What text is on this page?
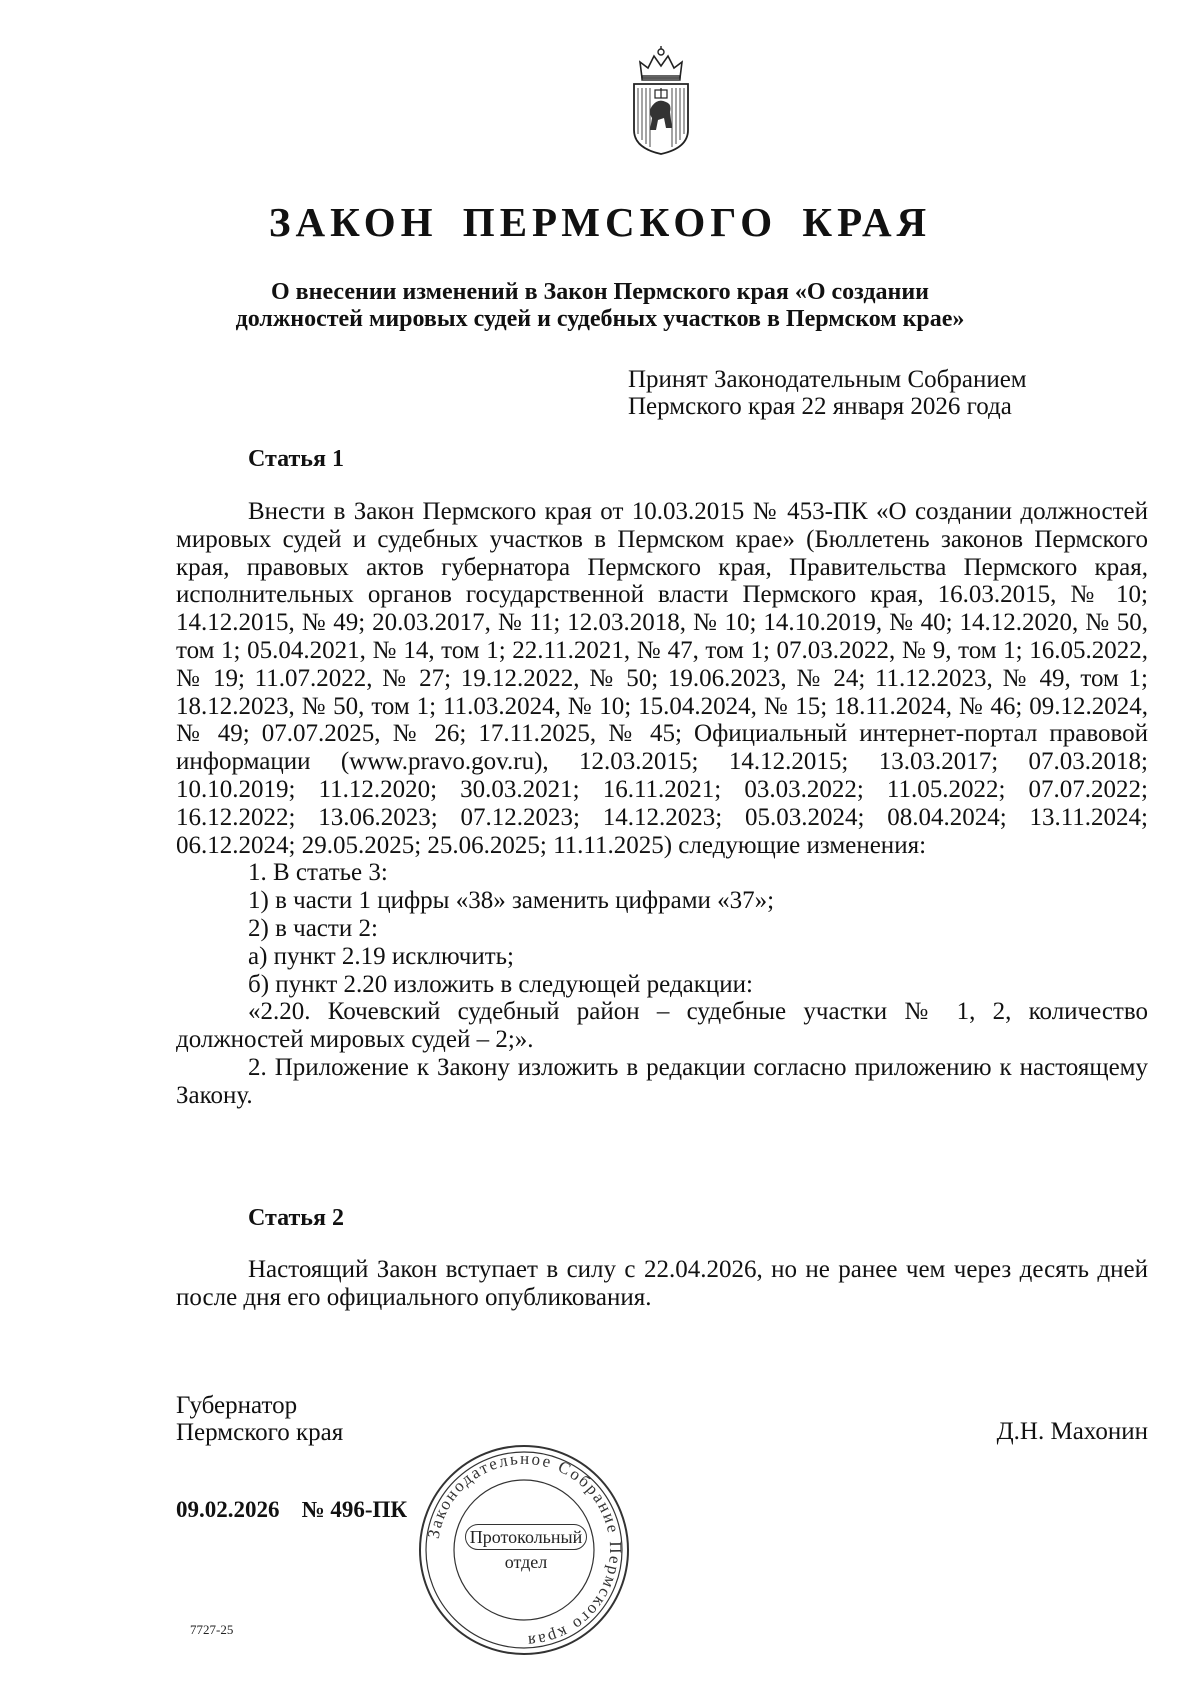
ЗАКОН ПЕРМСКОГО КРАЯ
О внесении изменений в Закон Пермского края «О создании
должностей мировых судей и судебных участков в Пермском крае»
Принят Законодательным Собранием
Пермского края 22 января 2026 года
Статья 1

Внести в Закон Пермского края от 10.03.2015 № 453-ПК «О создании должностей мировых судей и судебных участков в Пермском крае» (Бюллетень законов Пермского края, правовых актов губернатора Пермского края, Правительства Пермского края, исполнительных органов государственной власти Пермского края, 16.03.2015, № 10; 14.12.2015, № 49; 20.03.2017, № 11; 12.03.2018, № 10; 14.10.2019, № 40; 14.12.2020, № 50, том 1; 05.04.2021, № 14, том 1; 22.11.2021, № 47, том 1; 07.03.2022, № 9, том 1; 16.05.2022, № 19; 11.07.2022, № 27; 19.12.2022, № 50; 19.06.2023, № 24; 11.12.2023, № 49, том 1; 18.12.2023, № 50, том 1; 11.03.2024, № 10; 15.04.2024, № 15; 18.11.2024, № 46; 09.12.2024, № 49; 07.07.2025, № 26; 17.11.2025, № 45; Официальный интернет-портал правовой информации (www.pravo.gov.ru), 12.03.2015; 14.12.2015; 13.03.2017; 07.03.2018; 10.10.2019; 11.12.2020; 30.03.2021; 16.11.2021; 03.03.2022; 11.05.2022; 07.07.2022; 16.12.2022; 13.06.2023; 07.12.2023; 14.12.2023; 05.03.2024; 08.04.2024; 13.11.2024; 06.12.2024; 29.05.2025; 25.06.2025; 11.11.2025) следующие изменения:

1. В статье 3:

1) в части 1 цифры «38» заменить цифрами «37»;

2) в части 2:

а) пункт 2.19 исключить;

б) пункт 2.20 изложить в следующей редакции:

«2.20. Кочевский судебный район – судебные участки № 1, 2, количество должностей мировых судей – 2;».

2. Приложение к Закону изложить в редакции согласно приложению к настоящему Закону.

Статья 2

Настоящий Закон вступает в силу с 22.04.2026, но не ранее чем через десять дней после дня его официального опубликования.

Губернатор
Пермского края	Д.Н. Махонин
09.02.2026 № 496-ПК
Законодательное Собрание Пермского края
Протокольный
отдел
7727-25
